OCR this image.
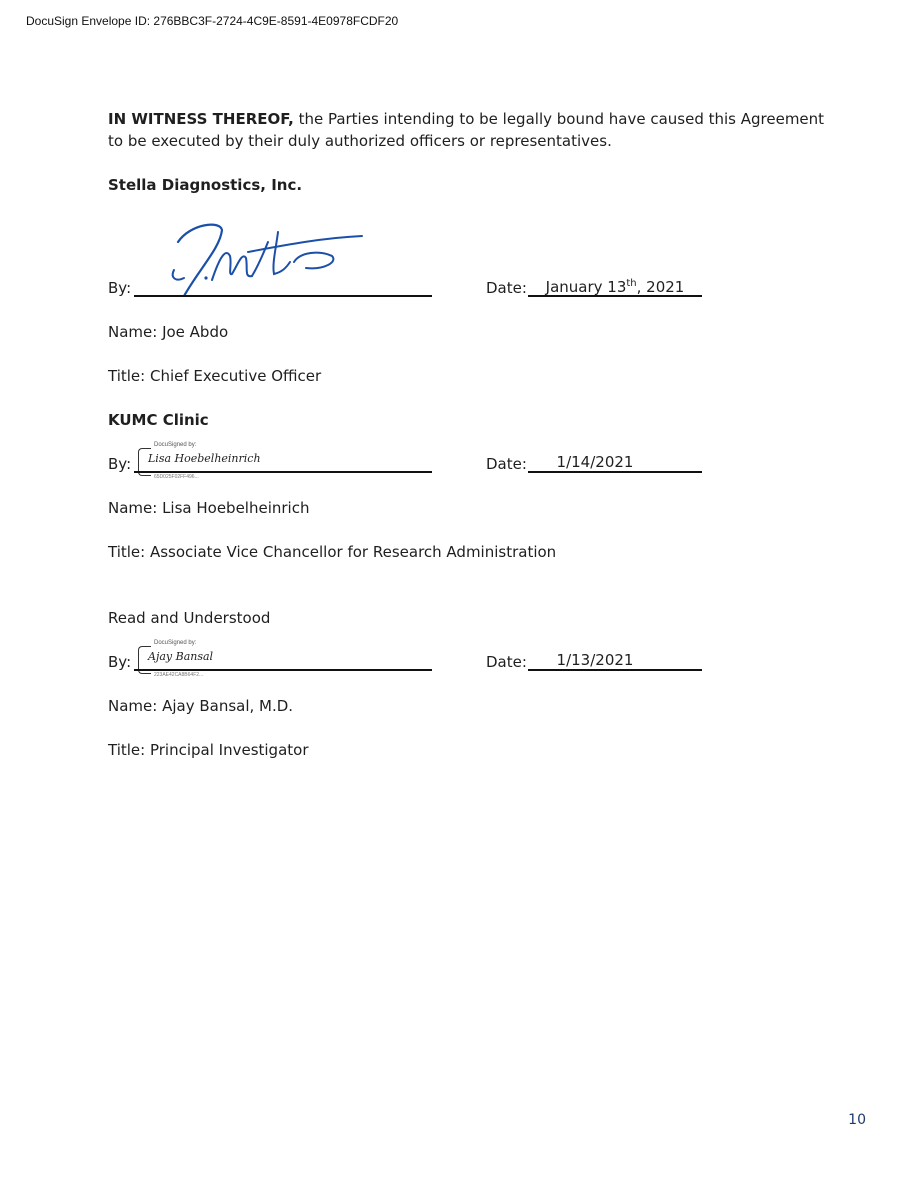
DocuSign Envelope ID: 276BBC3F-2724-4C9E-8591-4E0978FCDF20
IN WITNESS THEREOF, the Parties intending to be legally bound have caused this Agreement to be executed by their duly authorized officers or representatives.
Stella Diagnostics, Inc.
By:	Date:	January 13th, 2021
Name: Joe Abdo
Title: Chief Executive Officer
KUMC Clinic
By:
DocuSigned by:
Lisa Hoebelheinrich
65D025F02FF496...
Date:	1/14/2021
Name: Lisa Hoebelheinrich
Title: Associate Vice Chancellor for Research Administration
Read and Understood
By:
DocuSigned by:
Ajay Bansal
223AE42CA8B64F2...
Date:	1/13/2021
Name: Ajay Bansal, M.D.
Title: Principal Investigator
10
